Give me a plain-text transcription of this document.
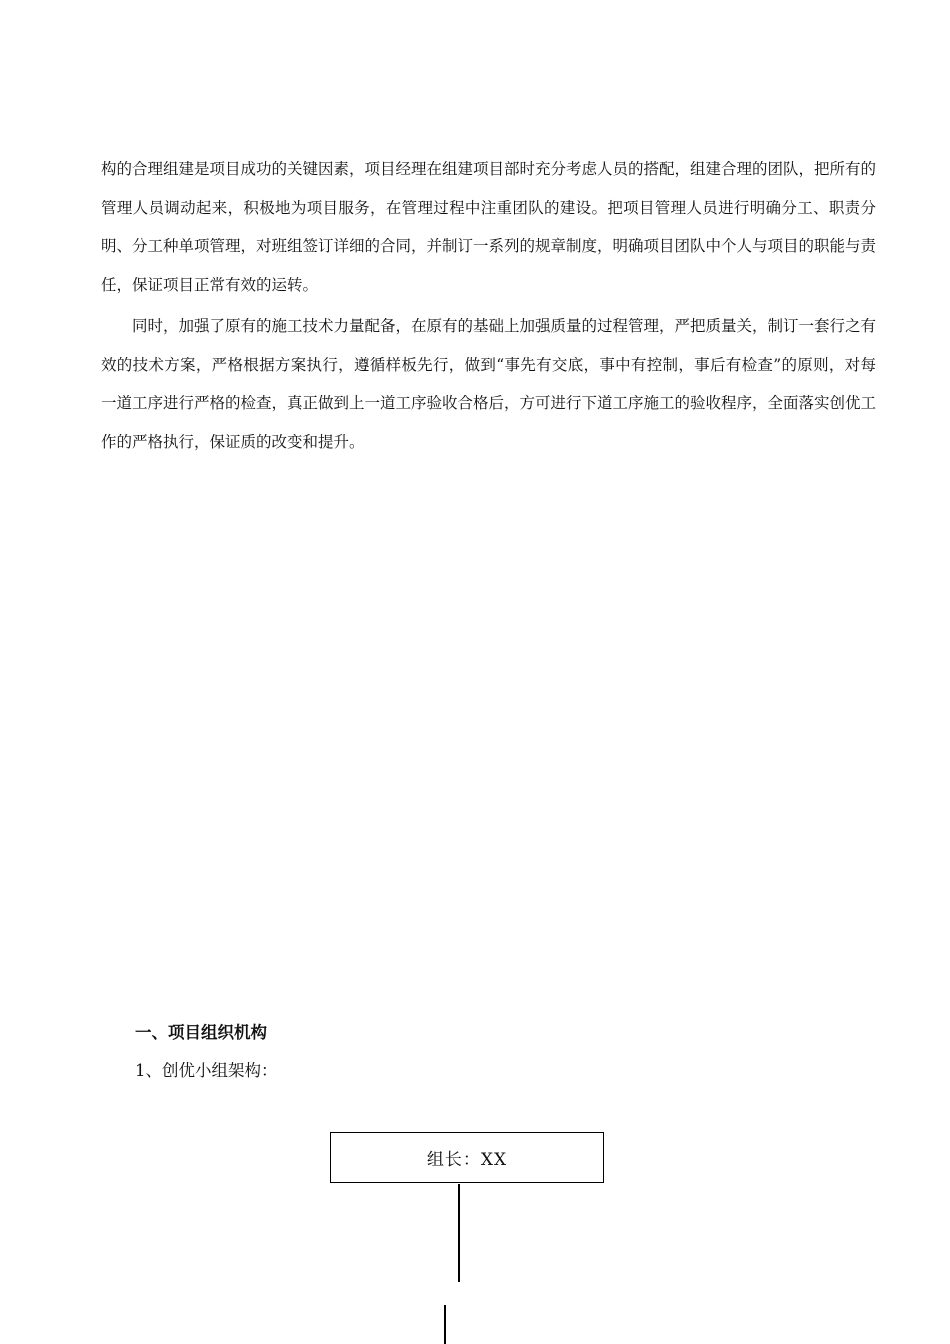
构的合理组建是项目成功的关键因素，项目经理在组建项目部时充分考虑人员的搭配，组建合理的团队，把所有的管理人员调动起来，积极地为项目服务，在管理过程中注重团队的建设。把项目管理人员进行明确分工、职责分明、分工种单项管理，对班组签订详细的合同，并制订一系列的规章制度，明确项目团队中个人与项目的职能与责任，保证项目正常有效的运转。

同时，加强了原有的施工技术力量配备，在原有的基础上加强质量的过程管理，严把质量关，制订一套行之有效的技术方案，严格根据方案执行，遵循样板先行，做到“事先有交底，事中有控制，事后有检查”的原则，对每一道工序进行严格的检查，真正做到上一道工序验收合格后，方可进行下道工序施工的验收程序，全面落实创优工作的严格执行，保证质的改变和提升。

一、项目组织机构
1、创优小组架构：
组长：XX
